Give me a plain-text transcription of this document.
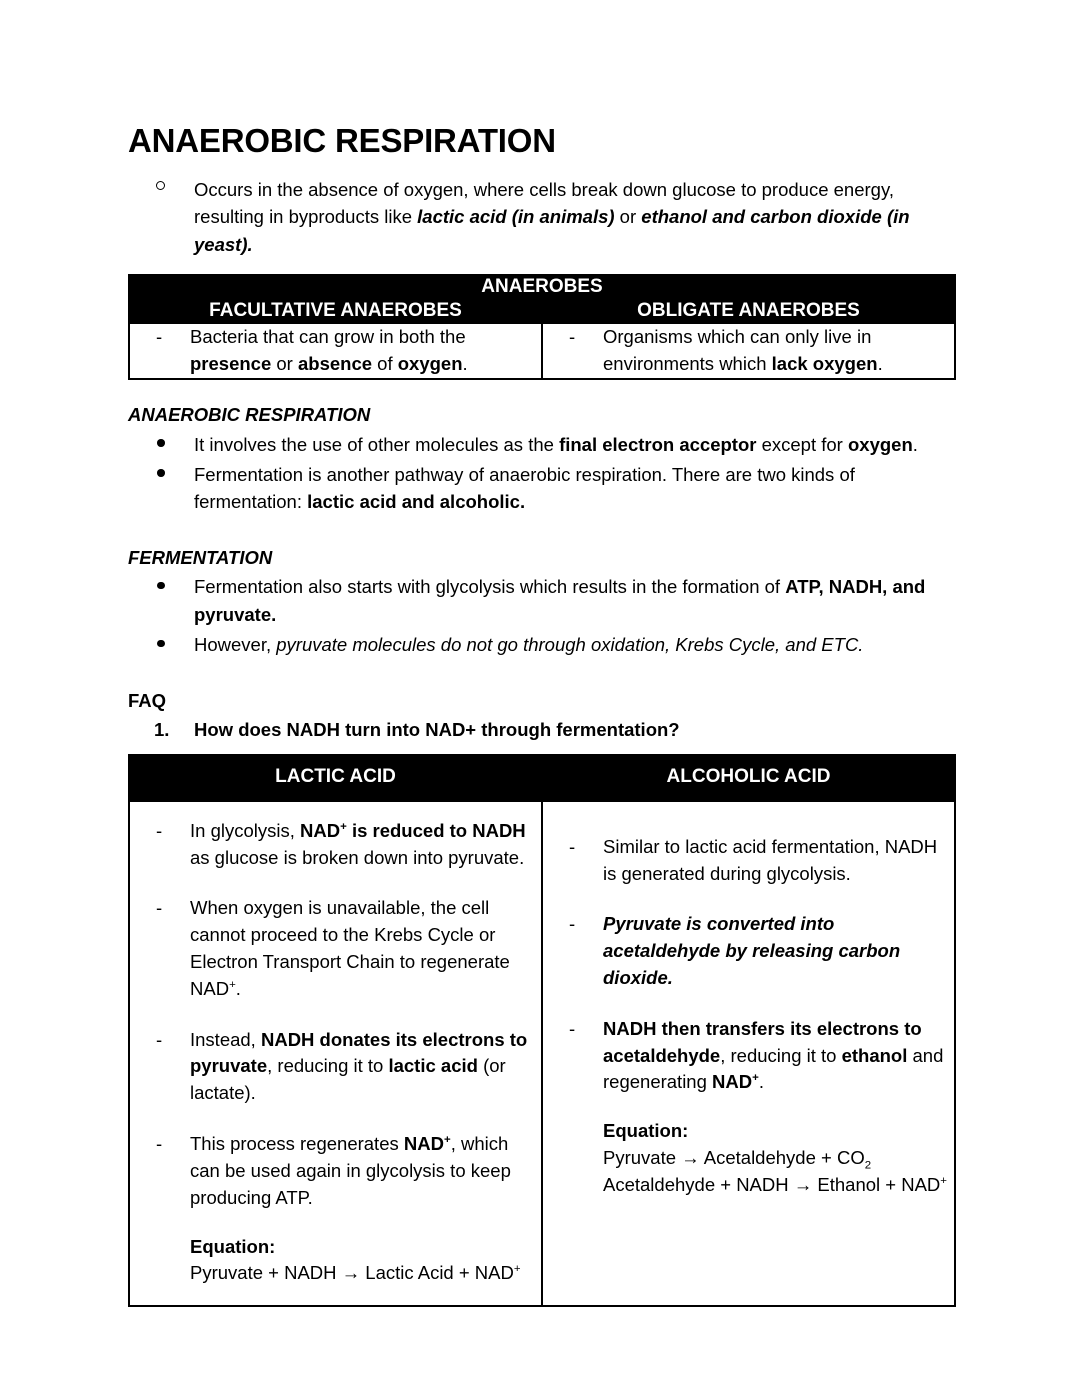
ANAEROBIC RESPIRATION
Occurs in the absence of oxygen, where cells break down glucose to produce energy, resulting in byproducts like lactic acid (in animals) or ethanol and carbon dioxide (in yeast).
ANAEROBES	
FACULTATIVE ANAEROBES	OBLIGATE ANAEROBES

- Bacteria that can grow in both the presence or absence of oxygen.

- Organisms which can only live in environments which lack oxygen.
ANAEROBIC RESPIRATION
It involves the use of other molecules as the final electron acceptor except for oxygen.
Fermentation is another pathway of anaerobic respiration. There are two kinds of fermentation: lactic acid and alcoholic.
FERMENTATION
Fermentation also starts with glycolysis which results in the formation of ATP, NADH, and pyruvate.
However, pyruvate molecules do not go through oxidation, Krebs Cycle, and ETC.
FAQ
1. How does NADH turn into NAD+ through fermentation?
LACTIC ACID	ALCOHOLIC ACID

- In glycolysis, NAD+ is reduced to NADH as glucose is broken down into pyruvate.
- When oxygen is unavailable, the cell cannot proceed to the Krebs Cycle or Electron Transport Chain to regenerate NAD+.
- Instead, NADH donates its electrons to pyruvate, reducing it to lactic acid (or lactate).
- This process regenerates NAD+, which can be used again in glycolysis to keep producing ATP.
Equation:
Pyruvate + NADH → Lactic Acid + NAD+

- Similar to lactic acid fermentation, NADH is generated during glycolysis.
- Pyruvate is converted into acetaldehyde by releasing carbon dioxide.
- NADH then transfers its electrons to acetaldehyde, reducing it to ethanol and regenerating NAD+.
Equation:
Pyruvate → Acetaldehyde + $CO_2$
Acetaldehyde + NADH → Ethanol + NAD+
